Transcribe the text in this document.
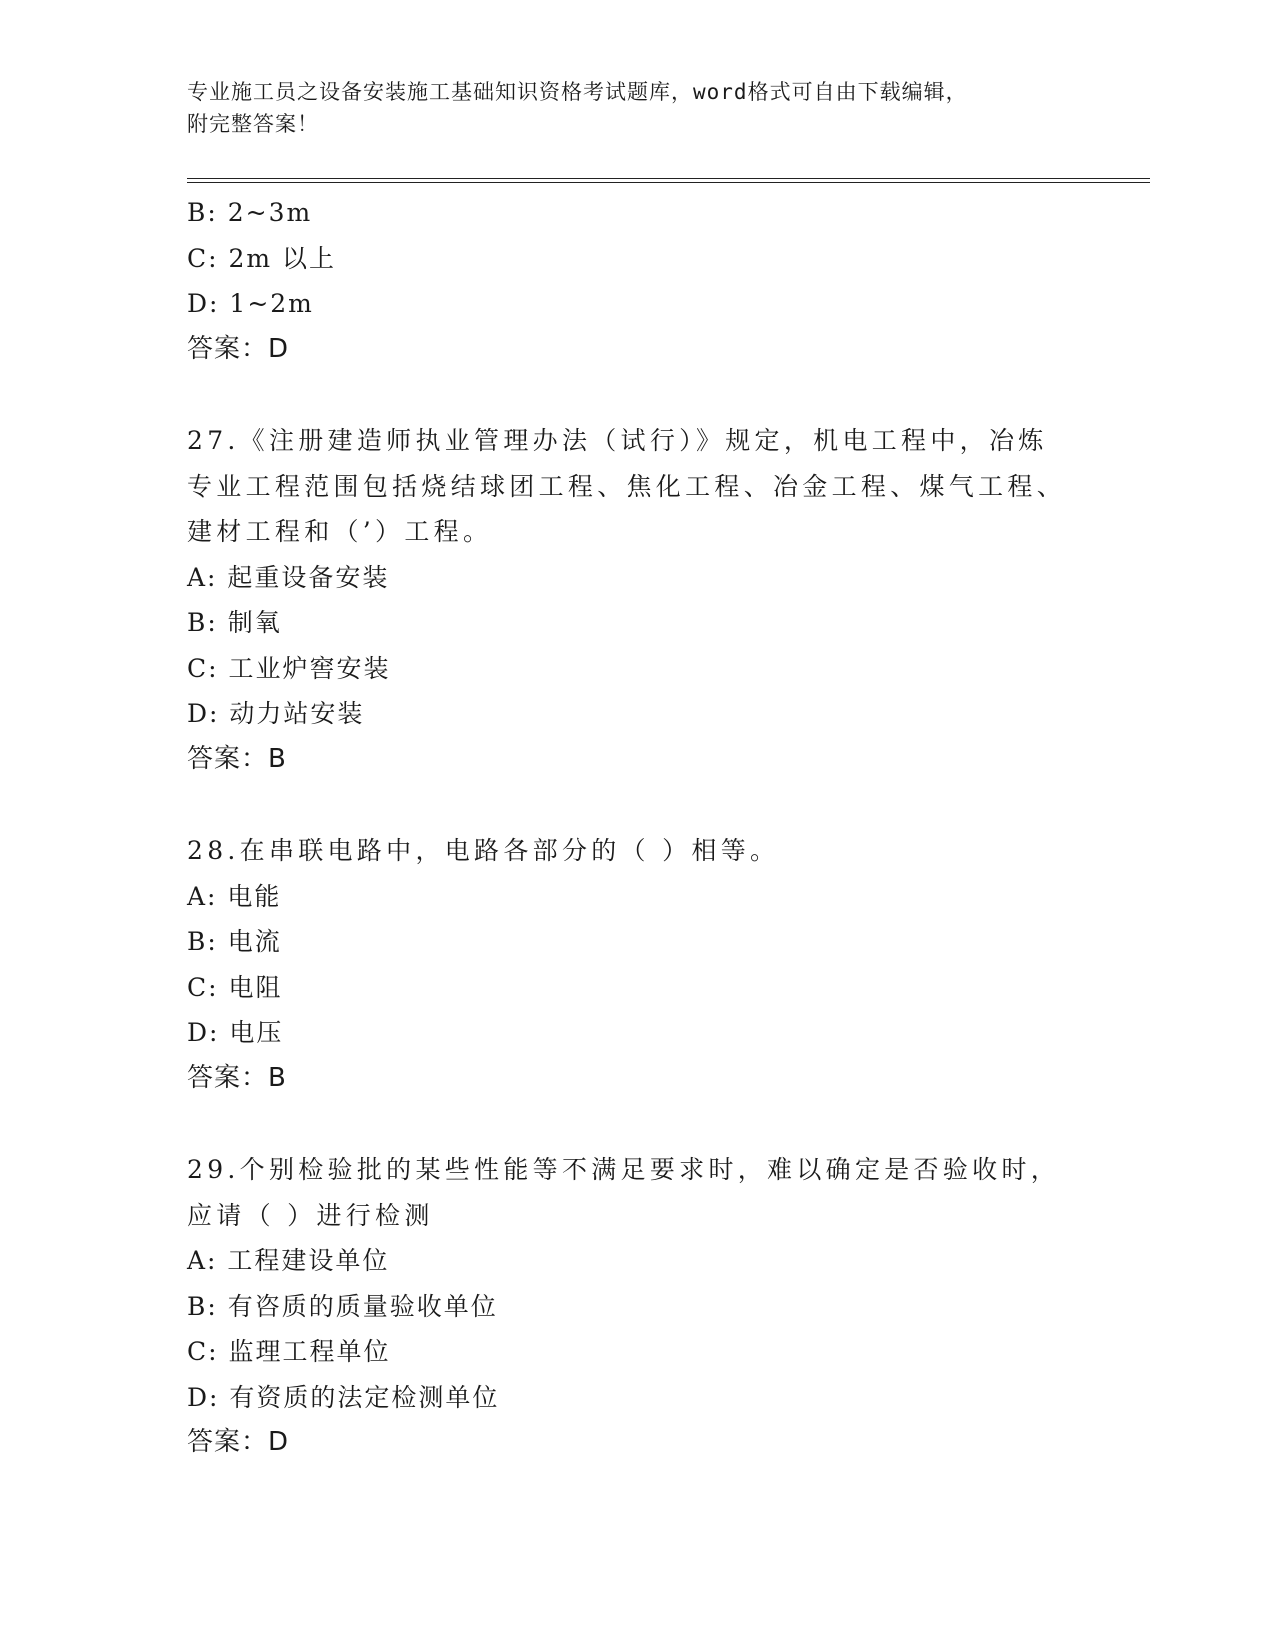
专业施工员之设备安装施工基础知识资格考试题库，word格式可自由下载编辑，
附完整答案！
B: 2~3m
C: 2m 以上
D: 1~2m
答案：D
27.《注册建造师执业管理办法（试行）》规定，机电工程中，冶炼专业工程范围包括烧结球团工程、焦化工程、冶金工程、煤气工程、建材工程和（’）工程。
A: 起重设备安装
B: 制氧
C: 工业炉窖安装
D: 动力站安装
答案：B
28.在串联电路中，电路各部分的（ ）相等。
A: 电能
B: 电流
C: 电阻
D: 电压
答案：B
29.个别检验批的某些性能等不满足要求时，难以确定是否验收时，应请（ ）进行检测
A: 工程建设单位
B: 有咨质的质量验收单位
C: 监理工程单位
D: 有资质的法定检测单位
答案：D
